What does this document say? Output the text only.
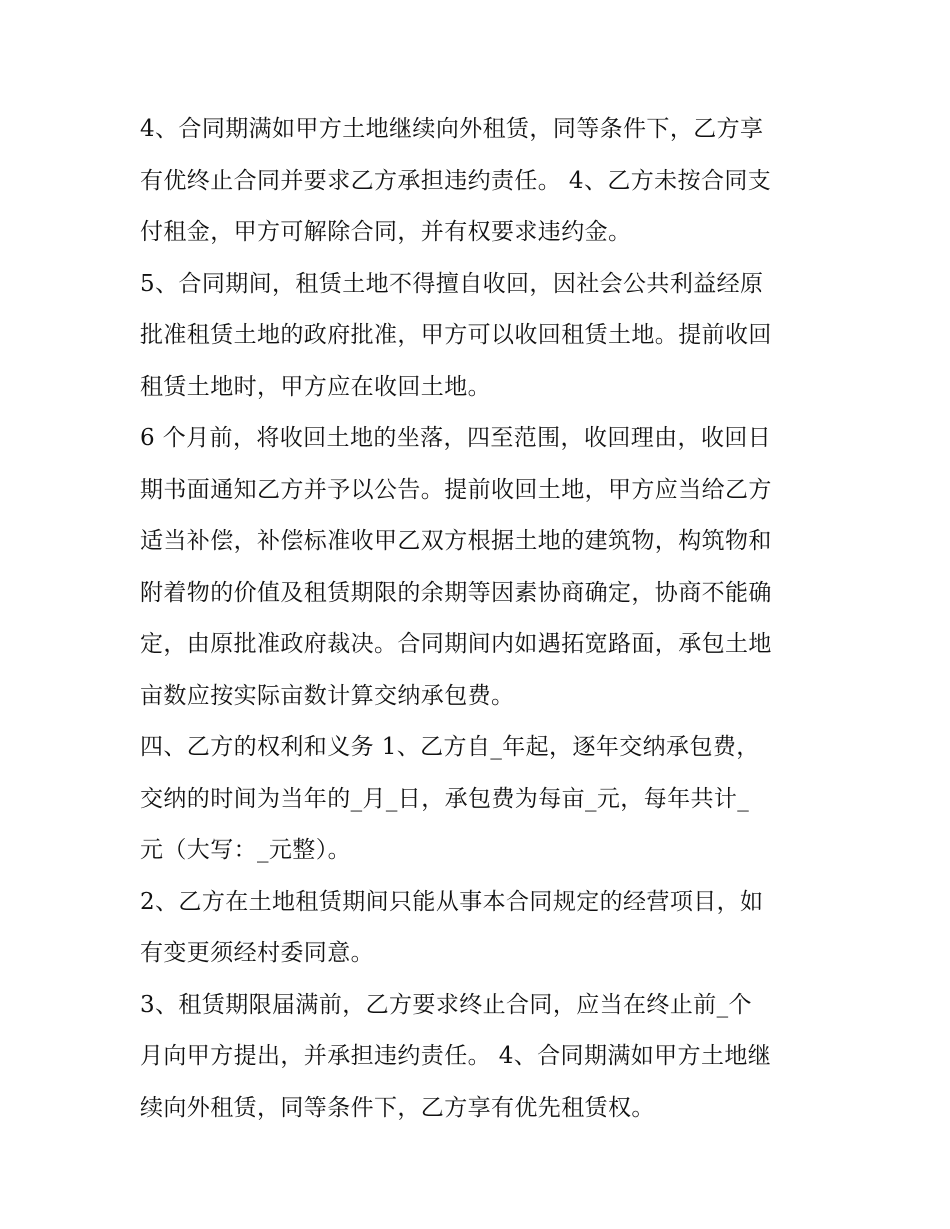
4、合同期满如甲方土地继续向外租赁，同等条件下，乙方享
有优终止合同并要求乙方承担违约责任。 4、乙方未按合同支
付租金，甲方可解除合同，并有权要求违约金。
5、合同期间，租赁土地不得擅自收回，因社会公共利益经原
批准租赁土地的政府批准，甲方可以收回租赁土地。提前收回
租赁土地时，甲方应在收回土地。
6 个月前，将收回土地的坐落，四至范围，收回理由，收回日
期书面通知乙方并予以公告。提前收回土地，甲方应当给乙方
适当补偿，补偿标准收甲乙双方根据土地的建筑物，构筑物和
附着物的价值及租赁期限的余期等因素协商确定，协商不能确
定，由原批准政府裁决。合同期间内如遇拓宽路面，承包土地
亩数应按实际亩数计算交纳承包费。
四、乙方的权利和义务 1、乙方自_年起，逐年交纳承包费，
交纳的时间为当年的_月_日，承包费为每亩_元，每年共计_
元（大写：_元整）。
2、乙方在土地租赁期间只能从事本合同规定的经营项目，如
有变更须经村委同意。
3、租赁期限届满前，乙方要求终止合同，应当在终止前_个
月向甲方提出，并承担违约责任。 4、合同期满如甲方土地继
续向外租赁，同等条件下，乙方享有优先租赁权。
